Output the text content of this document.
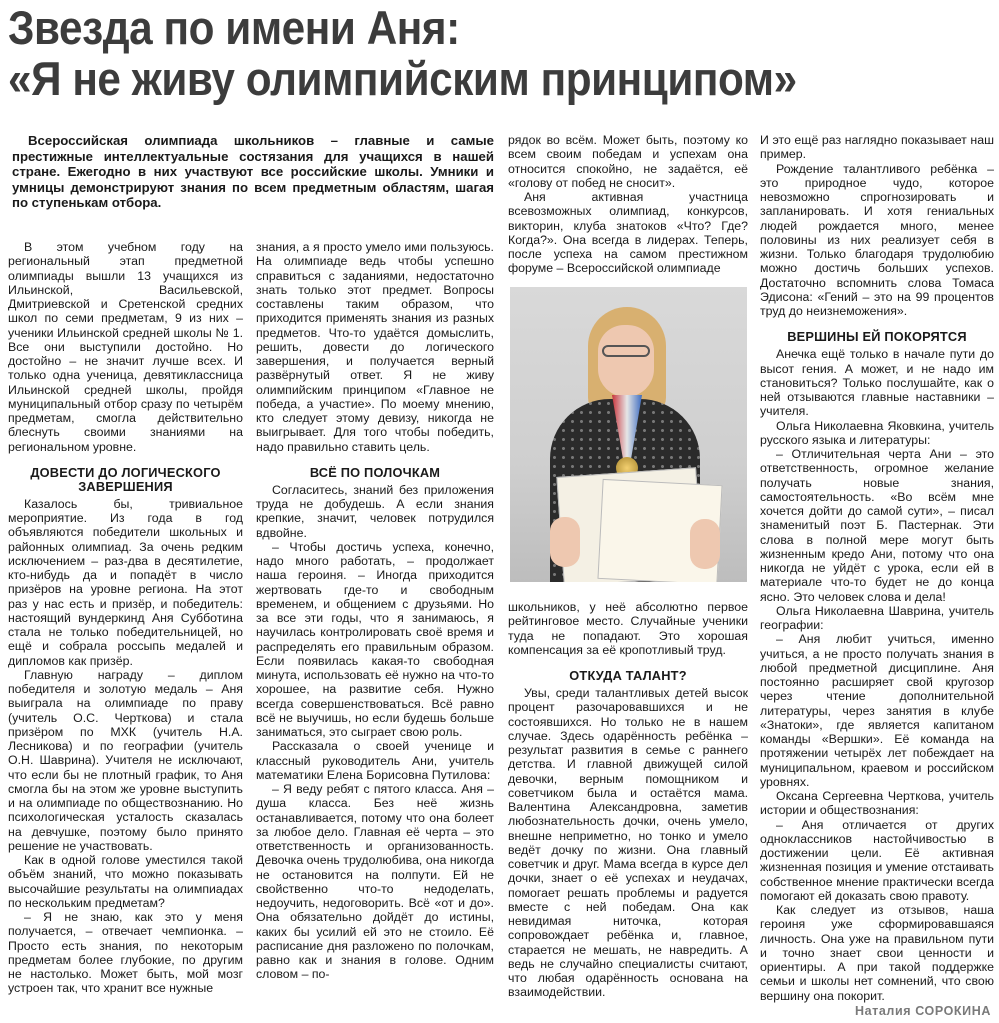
Звезда по имени Аня:
«Я не живу олимпийским принципом»

Всероссийская олимпиада школьников – главные и самые престижные интеллектуальные состязания для учащихся в нашей стране. Ежегодно в них участвуют все российские школы. Умники и умницы демонстрируют знания по всем предметным областям, шагая по ступенькам отбора.

В этом учебном году на региональный этап предметной олимпиады вышли 13 учащихся из Ильинской, Васильевской, Дмитриевской и Сретенской средних школ по семи предметам, 9 из них – ученики Ильинской средней школы № 1. Все они выступили достойно. Но достойно – не значит лучше всех. И только одна ученица, девятиклассница Ильинской средней школы, пройдя муниципальный отбор сразу по четырём предметам, смогла действительно блеснуть своими знаниями на региональном уровне.

ДОВЕСТИ ДО ЛОГИЧЕСКОГО ЗАВЕРШЕНИЯ

Казалось бы, тривиальное мероприятие. Из года в год объявляются победители школьных и районных олимпиад. За очень редким исключением – раз-два в десятилетие, кто-нибудь да и попадёт в число призёров на уровне региона. На этот раз у нас есть и призёр, и победитель: настоящий вундеркинд Аня Субботина стала не только победительницей, но ещё и собрала россыпь медалей и дипломов как призёр.

Главную награду – диплом победителя и золотую медаль – Аня выиграла на олимпиаде по праву (учитель О.С. Черткова) и стала призёром по МХК (учитель Н.А. Лесникова) и по географии (учитель О.Н. Шаврина). Учителя не исключают, что если бы не плотный график, то Аня смогла бы на этом же уровне выступить и на олимпиаде по обществознанию. Но психологическая усталость сказалась на девчушке, поэтому было принято решение не участвовать.

Как в одной голове уместился такой объём знаний, что можно показывать высочайшие результаты на олимпиадах по нескольким предметам?

– Я не знаю, как это у меня получается, – отвечает чемпионка. – Просто есть знания, по некоторым предметам более глубокие, по другим не настолько. Может быть, мой мозг устроен так, что хранит все нужные

знания, а я просто умело ими пользуюсь. На олимпиаде ведь чтобы успешно справиться с заданиями, недостаточно знать только этот предмет. Вопросы составлены таким образом, что приходится применять знания из разных предметов. Что-то удаётся домыслить, решить, довести до логического завершения, и получается верный развёрнутый ответ. Я не живу олимпийским принципом «Главное не победа, а участие». По моему мнению, кто следует этому девизу, никогда не выигрывает. Для того чтобы победить, надо правильно ставить цель.

ВСЁ ПО ПОЛОЧКАМ

Согласитесь, знаний без приложения труда не добудешь. А если знания крепкие, значит, человек потрудился вдвойне.

– Чтобы достичь успеха, конечно, надо много работать, – продолжает наша героиня. – Иногда приходится жертвовать где-то и свободным временем, и общением с друзьями. Но за все эти годы, что я занимаюсь, я научилась контролировать своё время и распределять его правильным образом. Если появилась какая-то свободная минута, использовать её нужно на что-то хорошее, на развитие себя. Нужно всегда совершенствоваться. Всё равно всё не выучишь, но если будешь больше заниматься, это сыграет свою роль.

Рассказала о своей ученице и классный руководитель Ани, учитель математики Елена Борисовна Путилова:

– Я веду ребят с пятого класса. Аня – душа класса. Без неё жизнь останавливается, потому что она болеет за любое дело. Главная её черта – это ответственность и организованность. Девочка очень трудолюбива, она никогда не остановится на полпути. Ей не свойственно что-то недоделать, недоучить, недоговорить. Всё «от и до». Она обязательно дойдёт до истины, каких бы усилий ей это не стоило. Её расписание дня разложено по полочкам, равно как и знания в голове. Одним словом – по-

рядок во всём. Может быть, поэтому ко всем своим победам и успехам она относится спокойно, не задаётся, её «голову от побед не сносит».

Аня активная участница всевозможных олимпиад, конкурсов, викторин, клуба знатоков «Что? Где? Когда?». Она всегда в лидерах. Теперь, после успеха на самом престижном форуме – Всероссийской олимпиаде

школьников, у неё абсолютно первое рейтинговое место. Случайные ученики туда не попадают. Это хорошая компенсация за её кропотливый труд.

ОТКУДА ТАЛАНТ?

Увы, среди талантливых детей высок процент разочаровавшихся и не состоявшихся. Но только не в нашем случае. Здесь одарённость ребёнка – результат развития в семье с раннего детства. И главной движущей силой девочки, верным помощником и советчиком была и остаётся мама. Валентина Александровна, заметив любознательность дочки, очень умело, внешне неприметно, но тонко и умело ведёт дочку по жизни. Она главный советчик и друг. Мама всегда в курсе дел дочки, знает о её успехах и неудачах, помогает решать проблемы и радуется вместе с ней победам. Она как невидимая ниточка, которая сопровождает ребёнка и, главное, старается не мешать, не навредить. А ведь не случайно специалисты считают, что любая одарённость основана на взаимодействии.

И это ещё раз наглядно показывает наш пример.

Рождение талантливого ребёнка – это природное чудо, которое невозможно спрогнозировать и запланировать. И хотя гениальных людей рождается много, менее половины из них реализует себя в жизни. Только благодаря трудолюбию можно достичь больших успехов. Достаточно вспомнить слова Томаса Эдисона: «Гений – это на 99 процентов труд до неизнеможения».

ВЕРШИНЫ ЕЙ ПОКОРЯТСЯ

Анечка ещё только в начале пути до высот гения. А может, и не надо им становиться? Только послушайте, как о ней отзываются главные наставники – учителя.

Ольга Николаевна Яковкина, учитель русского языка и литературы:

– Отличительная черта Ани – это ответственность, огромное желание получать новые знания, самостоятельность. «Во всём мне хочется дойти до самой сути», – писал знаменитый поэт Б. Пастернак. Эти слова в полной мере могут быть жизненным кредо Ани, потому что она никогда не уйдёт с урока, если ей в материале что-то будет не до конца ясно. Это человек слова и дела!

Ольга Николаевна Шаврина, учитель географии:

– Аня любит учиться, именно учиться, а не просто получать знания в любой предметной дисциплине. Аня постоянно расширяет свой кругозор через чтение дополнительной литературы, через занятия в клубе «Знатоки», где является капитаном команды «Вершки». Её команда на протяжении четырёх лет побеждает на муниципальном, краевом и российском уровнях.

Оксана Сергеевна Черткова, учитель истории и обществознания:

– Аня отличается от других одноклассников настойчивостью в достижении цели. Её активная жизненная позиция и умение отстаивать собственное мнение практически всегда помогают ей доказать свою правоту.

Как следует из отзывов, наша героиня уже сформировавшаяся личность. Она уже на правильном пути и точно знает свои ценности и ориентиры. А при такой поддержке семьи и школы нет сомнений, что свою вершину она покорит.

Наталия СОРОКИНА
